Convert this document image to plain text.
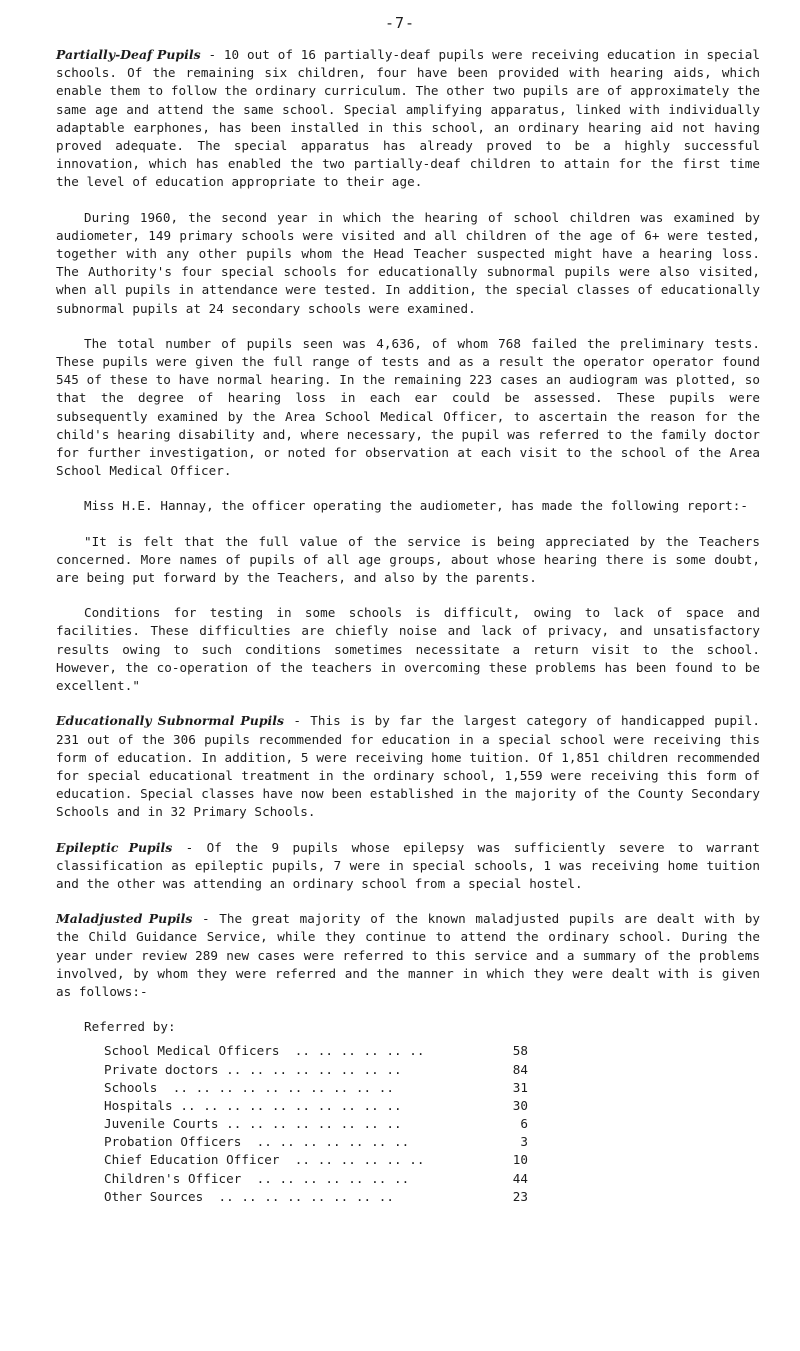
-7-

Partially-Deaf Pupils - 10 out of 16 partially-deaf pupils were receiving education in special schools. Of the remaining six children, four have been provided with hearing aids, which enable them to follow the ordinary curriculum. The other two pupils are of approximately the same age and attend the same school. Special amplifying apparatus, linked with individually adaptable earphones, has been installed in this school, an ordinary hearing aid not having proved adequate. The special apparatus has already proved to be a highly successful innovation, which has enabled the two partially-deaf children to attain for the first time the level of education appropriate to their age.

During 1960, the second year in which the hearing of school children was examined by audiometer, 149 primary schools were visited and all children of the age of 6+ were tested, together with any other pupils whom the Head Teacher suspected might have a hearing loss. The Authority's four special schools for educationally subnormal pupils were also visited, when all pupils in attendance were tested. In addition, the special classes of educationally subnormal pupils at 24 secondary schools were examined.

The total number of pupils seen was 4,636, of whom 768 failed the preliminary tests. These pupils were given the full range of tests and as a result the operator operator found 545 of these to have normal hearing. In the remaining 223 cases an audiogram was plotted, so that the degree of hearing loss in each ear could be assessed. These pupils were subsequently examined by the Area School Medical Officer, to ascertain the reason for the child's hearing disability and, where necessary, the pupil was referred to the family doctor for further investigation, or noted for observation at each visit to the school of the Area School Medical Officer.

Miss H.E. Hannay, the officer operating the audiometer, has made the following report:-

"It is felt that the full value of the service is being appreciated by the Teachers concerned. More names of pupils of all age groups, about whose hearing there is some doubt, are being put forward by the Teachers, and also by the parents.

Conditions for testing in some schools is difficult, owing to lack of space and facilities. These difficulties are chiefly noise and lack of privacy, and unsatisfactory results owing to such conditions sometimes necessitate a return visit to the school. However, the co-operation of the teachers in overcoming these problems has been found to be excellent."

Educationally Subnormal Pupils - This is by far the largest category of handicapped pupil. 231 out of the 306 pupils recommended for education in a special school were receiving this form of education. In addition, 5 were receiving home tuition. Of 1,851 children recommended for special educational treatment in the ordinary school, 1,559 were receiving this form of education. Special classes have now been established in the majority of the County Secondary Schools and in 32 Primary Schools.

Epileptic Pupils - Of the 9 pupils whose epilepsy was sufficiently severe to warrant classification as epileptic pupils, 7 were in special schools, 1 was receiving home tuition and the other was attending an ordinary school from a special hostel.

Maladjusted Pupils - The great majority of the known maladjusted pupils are dealt with by the Child Guidance Service, while they continue to attend the ordinary school. During the year under review 289 new cases were referred to this service and a summary of the problems involved, by whom they were referred and the manner in which they were dealt with is given as follows:-

Referred by:
School Medical Officers  .. .. .. .. .. ..	58
Private doctors .. .. .. .. .. .. .. ..	84
Schools  .. .. .. .. .. .. .. .. .. ..	31
Hospitals .. .. .. .. .. .. .. .. .. ..	30
Juvenile Courts .. .. .. .. .. .. .. ..	6
Probation Officers  .. .. .. .. .. .. ..	3
Chief Education Officer  .. .. .. .. .. ..	10
Children's Officer  .. .. .. .. .. .. ..	44
Other Sources  .. .. .. .. .. .. .. ..	23
